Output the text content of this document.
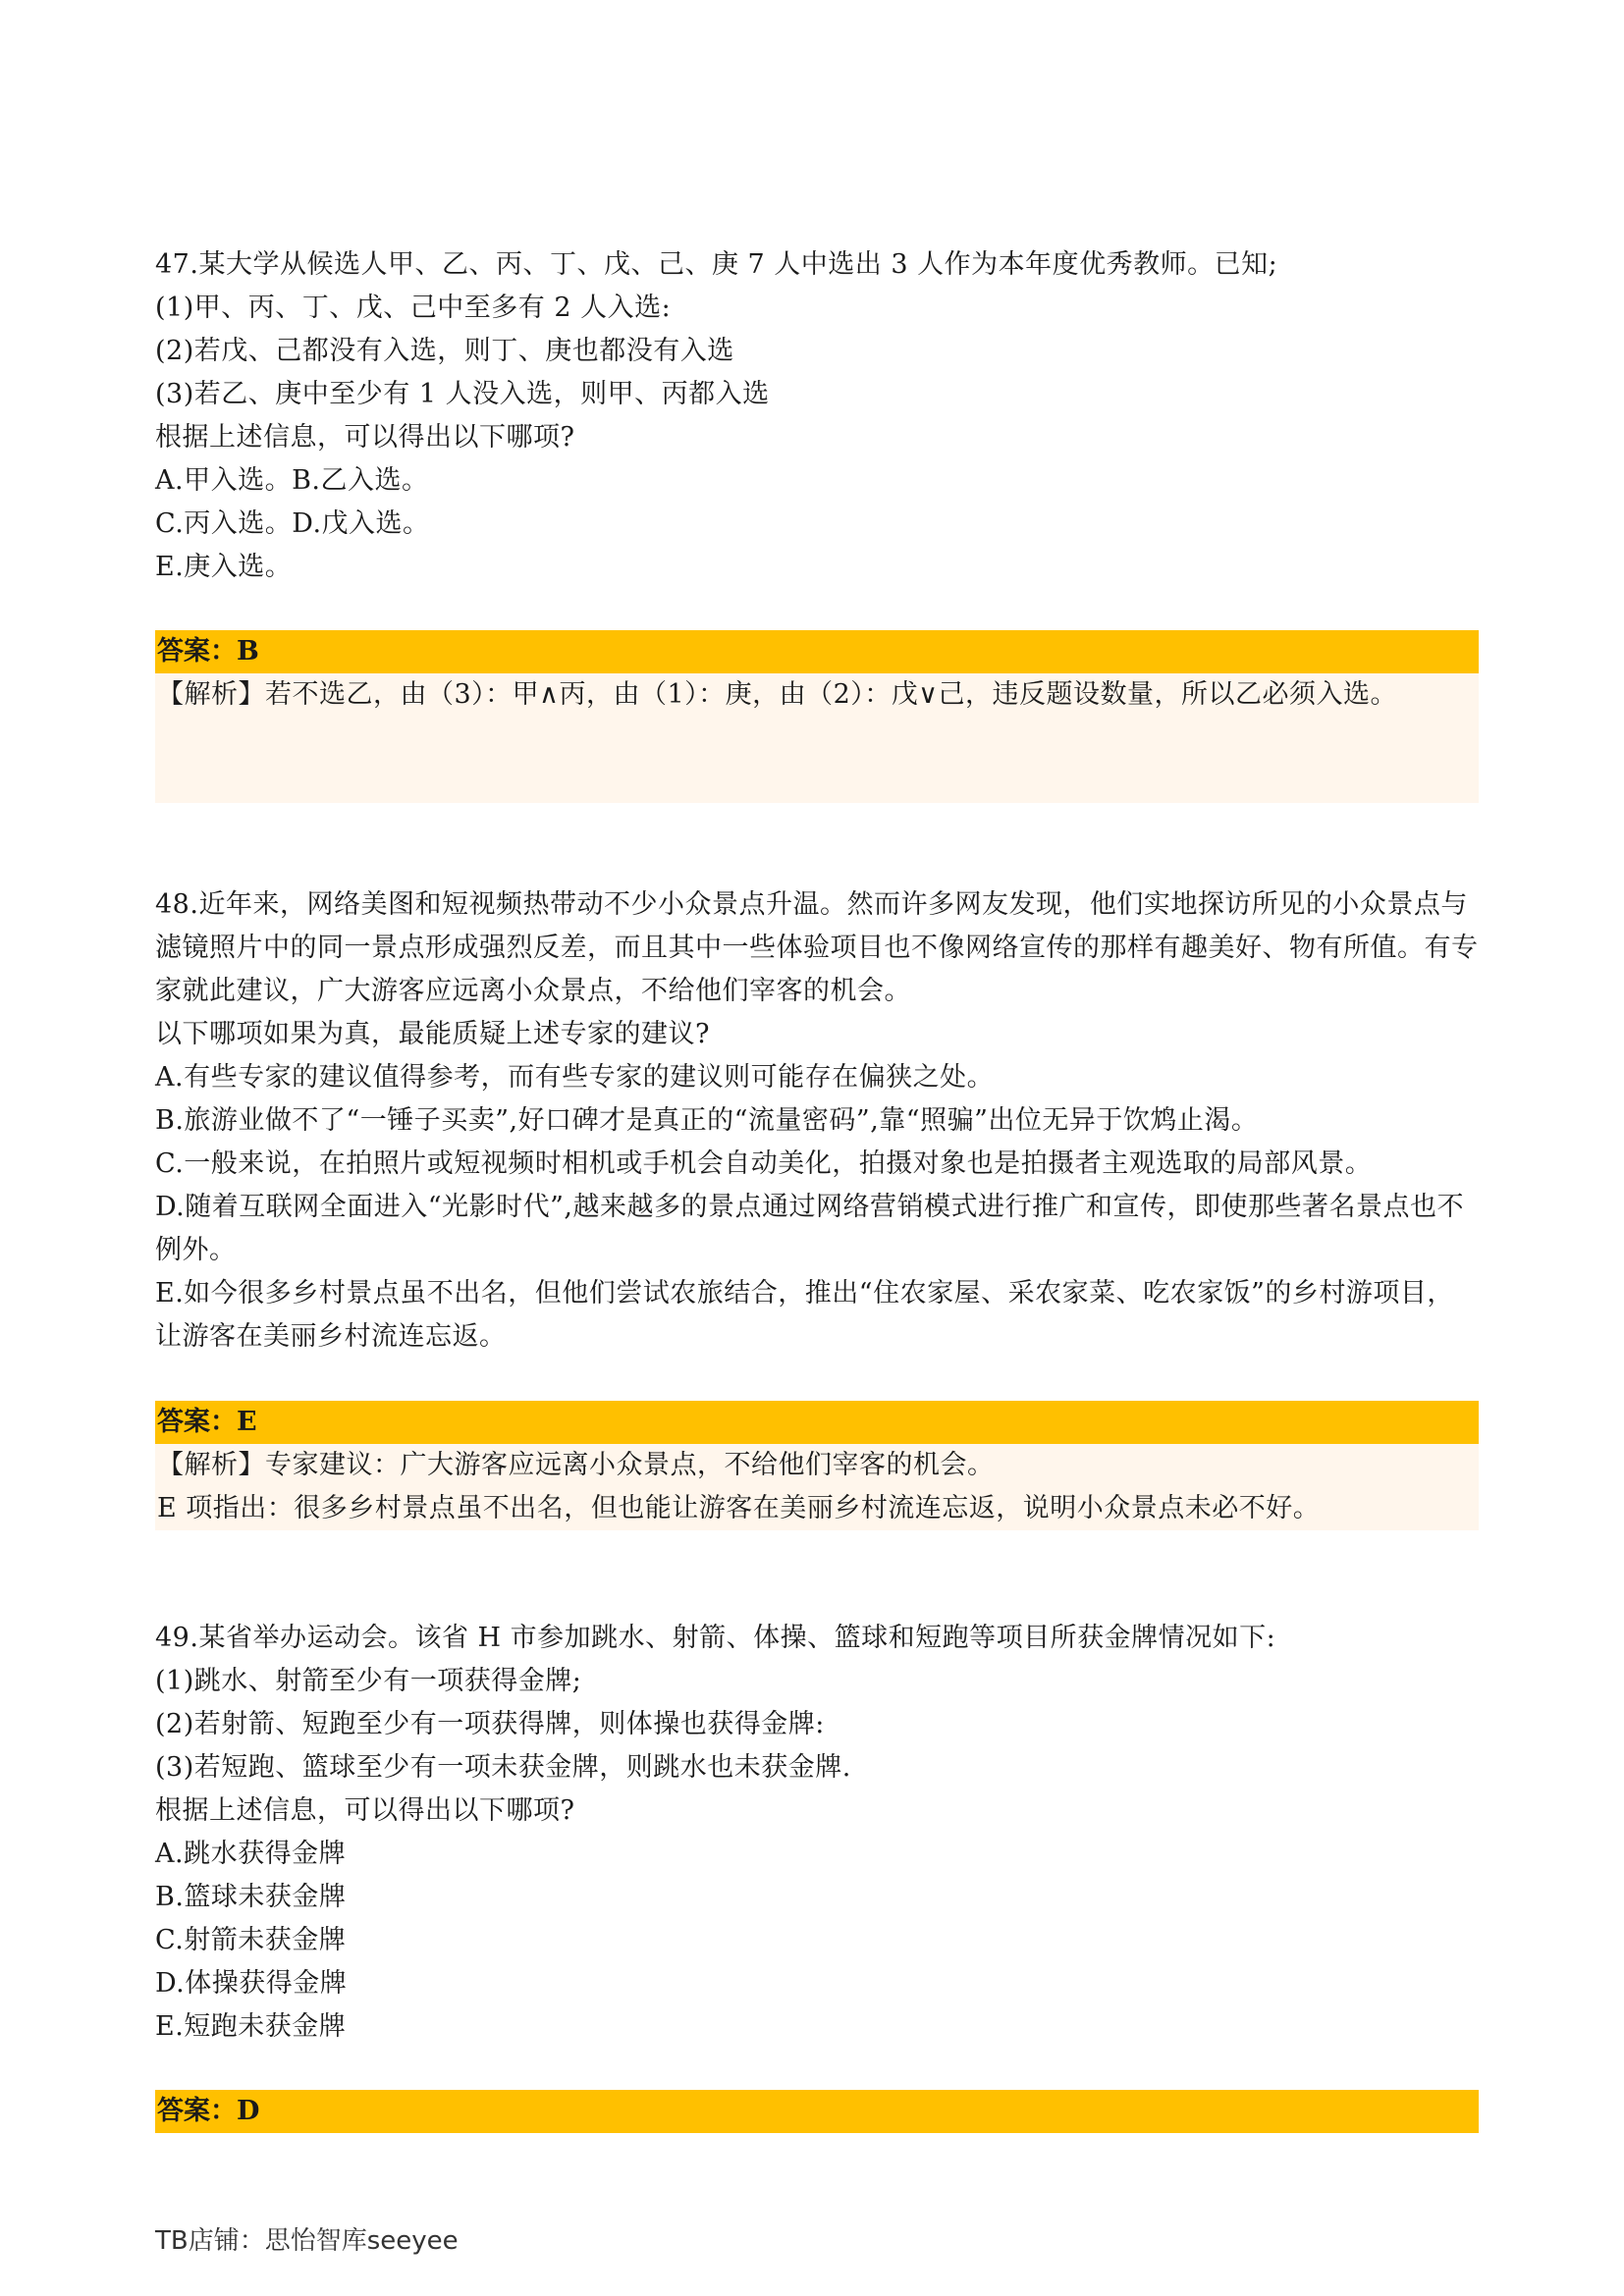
47.某大学从候选人甲、乙、丙、丁、戊、己、庚 7 人中选出 3 人作为本年度优秀教师。已知;
(1)甲、丙、丁、戊、己中至多有 2 人入选:
(2)若戊、己都没有入选，则丁、庚也都没有入选
(3)若乙、庚中至少有 1 人没入选，则甲、丙都入选
根据上述信息，可以得出以下哪项?
A.甲入选。B.乙入选。
C.丙入选。D.戊入选。
E.庚入选。
答案：B
【解析】若不选乙，由（3）：甲∧丙，由（1）：庚，由（2）：戊∨己，违反题设数量，所以乙必须入选。
48.近年来，网络美图和短视频热带动不少小众景点升温。然而许多网友发现，他们实地探访所见的小众景点与滤镜照片中的同一景点形成强烈反差，而且其中一些体验项目也不像网络宣传的那样有趣美好、物有所值。有专家就此建议，广大游客应远离小众景点，不给他们宰客的机会。
以下哪项如果为真，最能质疑上述专家的建议?
A.有些专家的建议值得参考，而有些专家的建议则可能存在偏狭之处。
B.旅游业做不了“一锤子买卖”,好口碑才是真正的“流量密码”,靠“照骗”出位无异于饮鸩止渴。
C.一般来说，在拍照片或短视频时相机或手机会自动美化，拍摄对象也是拍摄者主观选取的局部风景。
D.随着互联网全面进入“光影时代”,越来越多的景点通过网络营销模式进行推广和宣传，即使那些著名景点也不例外。
E.如今很多乡村景点虽不出名，但他们尝试农旅结合，推出“住农家屋、采农家菜、吃农家饭”的乡村游项目，让游客在美丽乡村流连忘返。
答案：E
【解析】专家建议：广大游客应远离小众景点，不给他们宰客的机会。
E 项指出：很多乡村景点虽不出名，但也能让游客在美丽乡村流连忘返，说明小众景点未必不好。
49.某省举办运动会。该省 H 市参加跳水、射箭、体操、篮球和短跑等项目所获金牌情况如下:
(1)跳水、射箭至少有一项获得金牌;
(2)若射箭、短跑至少有一项获得牌，则体操也获得金牌:
(3)若短跑、篮球至少有一项未获金牌，则跳水也未获金牌.
根据上述信息，可以得出以下哪项?
A.跳水获得金牌
B.篮球未获金牌
C.射箭未获金牌
D.体操获得金牌
E.短跑未获金牌
答案：D
TB店铺：思怡智库seeyee
